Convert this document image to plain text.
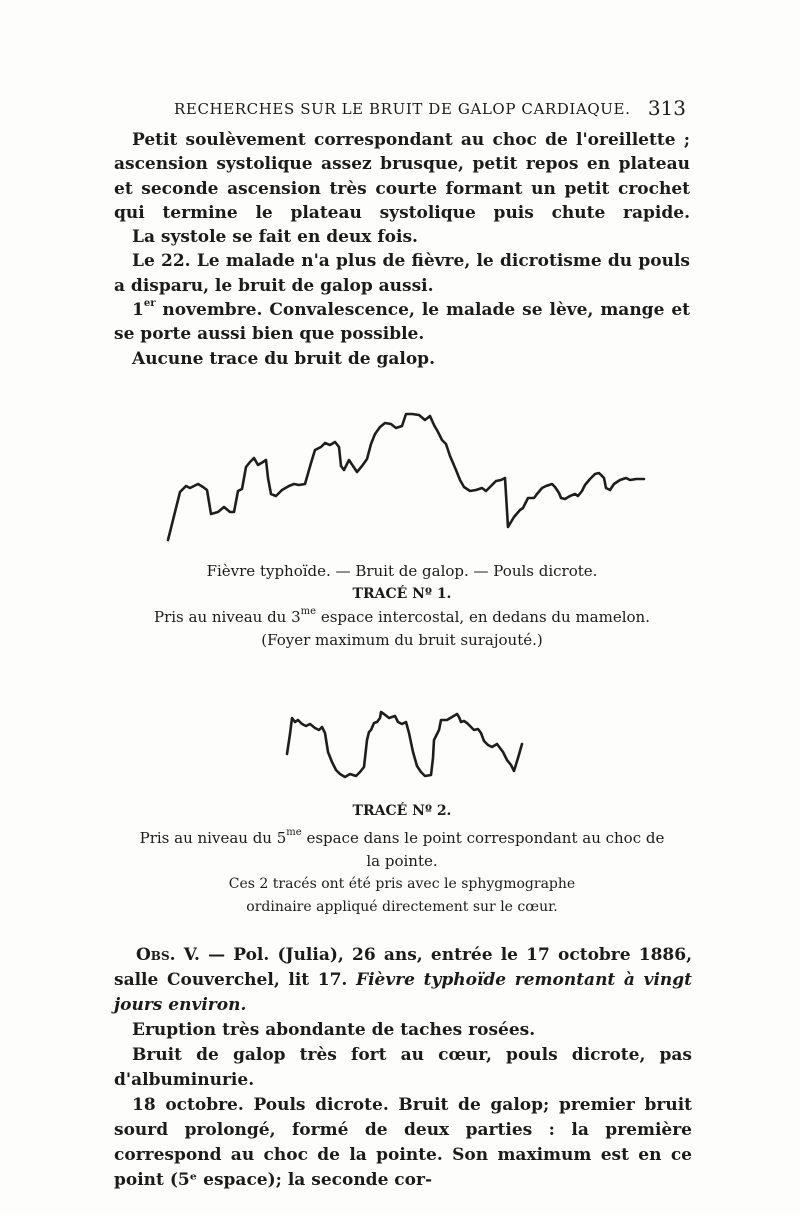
RECHERCHES SUR LE BRUIT DE GALOP CARDIAQUE. 313

Petit soulèvement correspondant au choc de l'oreillette ; ascension systolique assez brusque, petit repos en plateau et seconde ascension très courte formant un petit crochet qui termine le plateau systolique puis chute rapide.

La systole se fait en deux fois.

Le 22. Le malade n'a plus de fièvre, le dicrotisme du pouls a disparu, le bruit de galop aussi.

1er novembre. Convalescence, le malade se lève, mange et se porte aussi bien que possible.

Aucune trace du bruit de galop.

Fièvre typhoïde. — Bruit de galop. — Pouls dicrote.
TRACÉ Nº 1.
Pris au niveau du $3^{me}$ espace intercostal, en dedans du mamelon.
(Foyer maximum du bruit surajouté.)
TRACÉ Nº 2.
Pris au niveau du $5^{me}$ espace dans le point correspondant au choc de la pointe.
Ces 2 tracés ont été pris avec le sphygmographe ordinaire appliqué directement sur le cœur.

Obs. V. — Pol. (Julia), 26 ans, entrée le 17 octobre 1886, salle Couverchel, lit 17. Fièvre typhoïde remontant à vingt jours environ.

Eruption très abondante de taches rosées.

Bruit de galop très fort au cœur, pouls dicrote, pas d'albuminurie.

18 octobre. Pouls dicrote. Bruit de galop; premier bruit sourd prolongé, formé de deux parties : la première correspond au choc de la pointe. Son maximum est en ce point (5ᵉ espace); la seconde cor-
